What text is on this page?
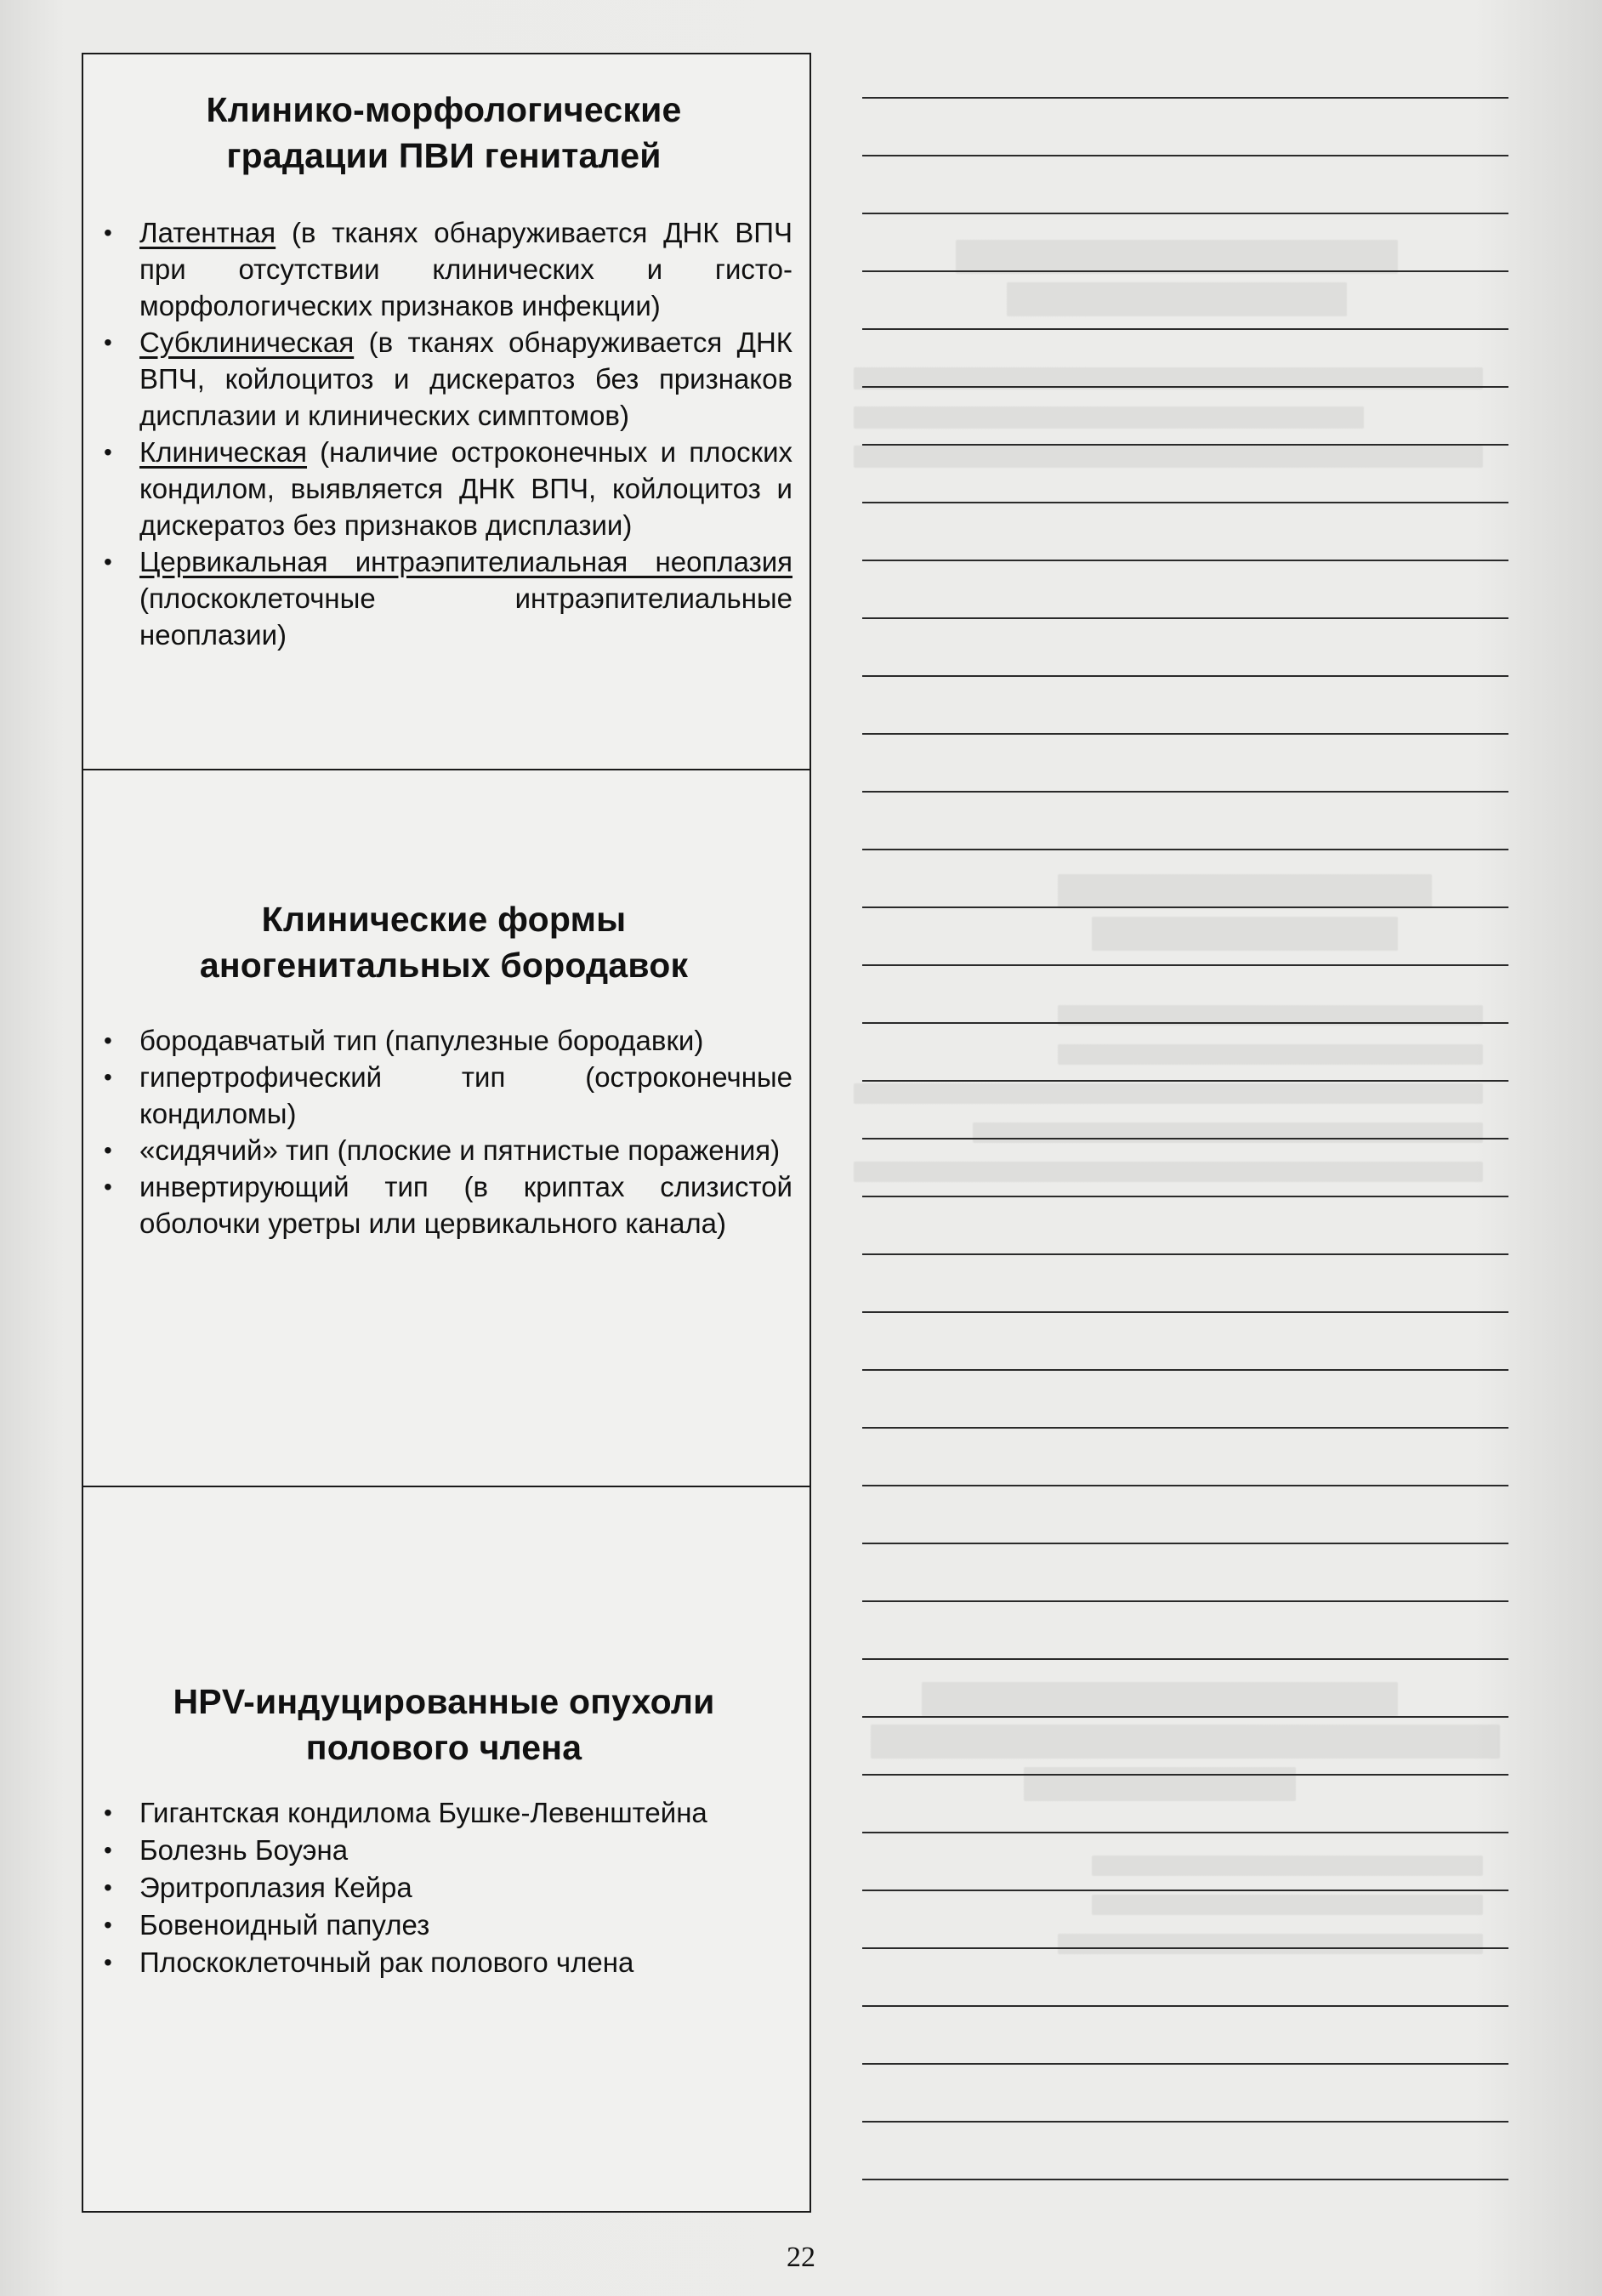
Клинико-морфологические
градации ПВИ гениталей
• Латентная (в тканях обнаруживается ДНК ВПЧ при отсутствии клинических и гисто-морфологических признаков инфекции)
• Субклиническая (в тканях обнаруживается ДНК ВПЧ, койлоцитоз и дискератоз без признаков дисплазии и клинических симптомов)
• Клиническая (наличие остроконечных и плоских кондилом, выявляется ДНК ВПЧ, койлоцитоз и дискератоз без признаков дисплазии)
• Цервикальная интраэпителиальная неоплазия (плоскоклеточные интраэпителиальные неоплазии)
Клинические формы
аногенитальных бородавок
• бородавчатый тип (папулезные бородавки)
• гипертрофический тип (остроконечные кондиломы)
• «сидячий» тип (плоские и пятнистые поражения)
• инвертирующий тип (в криптах слизистой оболочки уретры или цервикального канала)
HPV-индуцированные опухоли
полового члена
• Гигантская кондилома Бушке-Левенштейна
• Болезнь Боуэна
• Эритроплазия Кейра
• Бовеноидный папулез
• Плоскоклеточный рак полового члена
22
